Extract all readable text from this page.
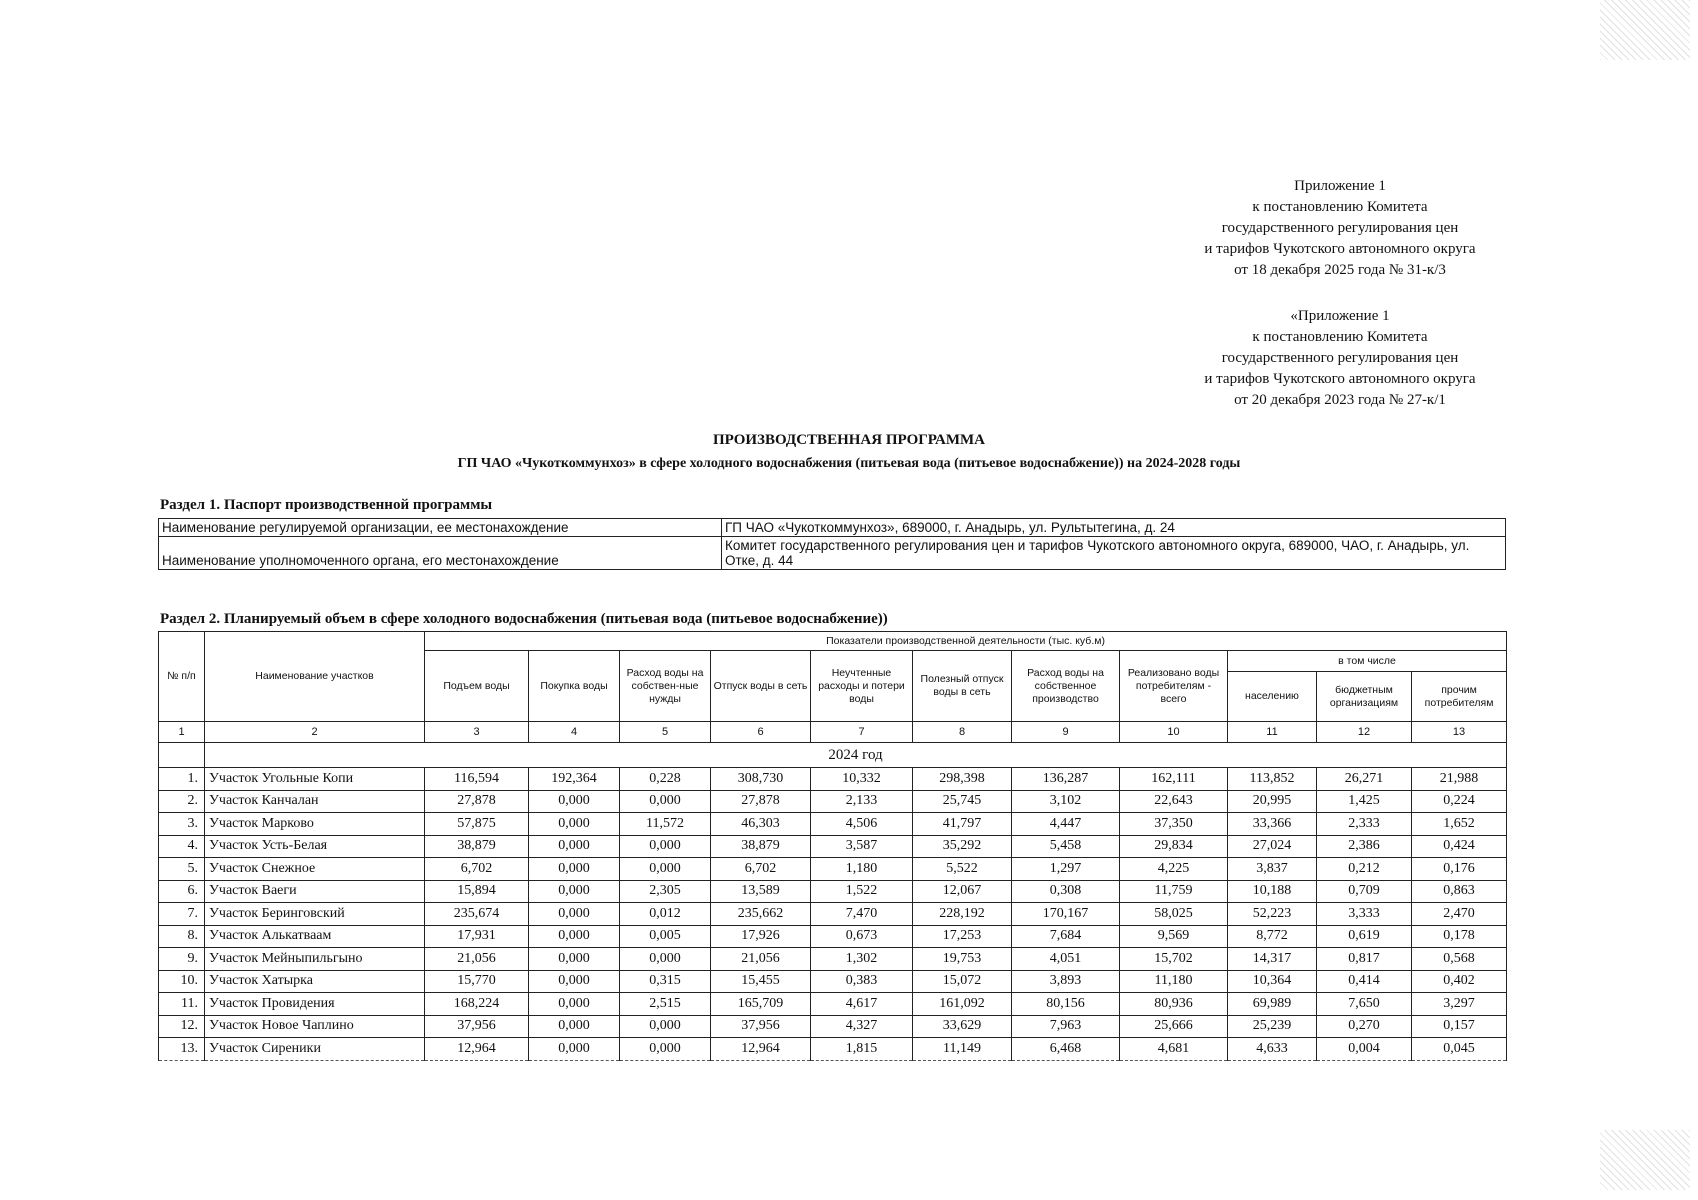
Приложение 1
к постановлению Комитета
государственного регулирования цен
и тарифов Чукотского автономного округа
от 18 декабря 2025 года № 31-к/3
«Приложение 1
к постановлению Комитета
государственного регулирования цен
и тарифов Чукотского автономного округа
от 20 декабря 2023 года № 27-к/1
ПРОИЗВОДСТВЕННАЯ ПРОГРАММА
ГП ЧАО «Чукоткоммунхоз» в сфере холодного водоснабжения (питьевая вода (питьевое водоснабжение)) на 2024-2028 годы
Раздел 1. Паспорт производственной программы
Наименование регулируемой организации, ее местонахождение	ГП ЧАО «Чукоткоммунхоз», 689000, г. Анадырь, ул. Рультытегина, д. 24
Наименование уполномоченного органа, его местонахождение	Комитет государственного регулирования цен и тарифов Чукотского автономного округа, 689000, ЧАО, г. Анадырь, ул. Отке, д. 44
Раздел 2. Планируемый объем в сфере холодного водоснабжения (питьевая вода (питьевое водоснабжение))
№ п/п	Наименование участков	Показатели производственной деятельности (тыс. куб.м)										
		Подъем воды	Покупка воды	Расход воды на собствен-ные нужды	Отпуск воды в сеть	Неучтенные расходы и потери воды	Полезный отпуск воды в сеть	Расход воды на собственное производство	Реализовано воды потребителям - всего	в том числе		
										населению	бюджетным организациям	прочим потребителям
1	2	3	4	5	6	7	8	9	10	11	12	13
	2024 год											
1.	Участок Угольные Копи	116,594	192,364	0,228	308,730	10,332	298,398	136,287	162,111	113,852	26,271	21,988
2.	Участок Канчалан	27,878	0,000	0,000	27,878	2,133	25,745	3,102	22,643	20,995	1,425	0,224
3.	Участок Марково	57,875	0,000	11,572	46,303	4,506	41,797	4,447	37,350	33,366	2,333	1,652
4.	Участок Усть-Белая	38,879	0,000	0,000	38,879	3,587	35,292	5,458	29,834	27,024	2,386	0,424
5.	Участок Снежное	6,702	0,000	0,000	6,702	1,180	5,522	1,297	4,225	3,837	0,212	0,176
6.	Участок Ваеги	15,894	0,000	2,305	13,589	1,522	12,067	0,308	11,759	10,188	0,709	0,863
7.	Участок Беринговский	235,674	0,000	0,012	235,662	7,470	228,192	170,167	58,025	52,223	3,333	2,470
8.	Участок Алькатваам	17,931	0,000	0,005	17,926	0,673	17,253	7,684	9,569	8,772	0,619	0,178
9.	Участок Мейныпильгыно	21,056	0,000	0,000	21,056	1,302	19,753	4,051	15,702	14,317	0,817	0,568
10.	Участок Хатырка	15,770	0,000	0,315	15,455	0,383	15,072	3,893	11,180	10,364	0,414	0,402
11.	Участок Провидения	168,224	0,000	2,515	165,709	4,617	161,092	80,156	80,936	69,989	7,650	3,297
12.	Участок Новое Чаплино	37,956	0,000	0,000	37,956	4,327	33,629	7,963	25,666	25,239	0,270	0,157
13.	Участок Сиреники	12,964	0,000	0,000	12,964	1,815	11,149	6,468	4,681	4,633	0,004	0,045
